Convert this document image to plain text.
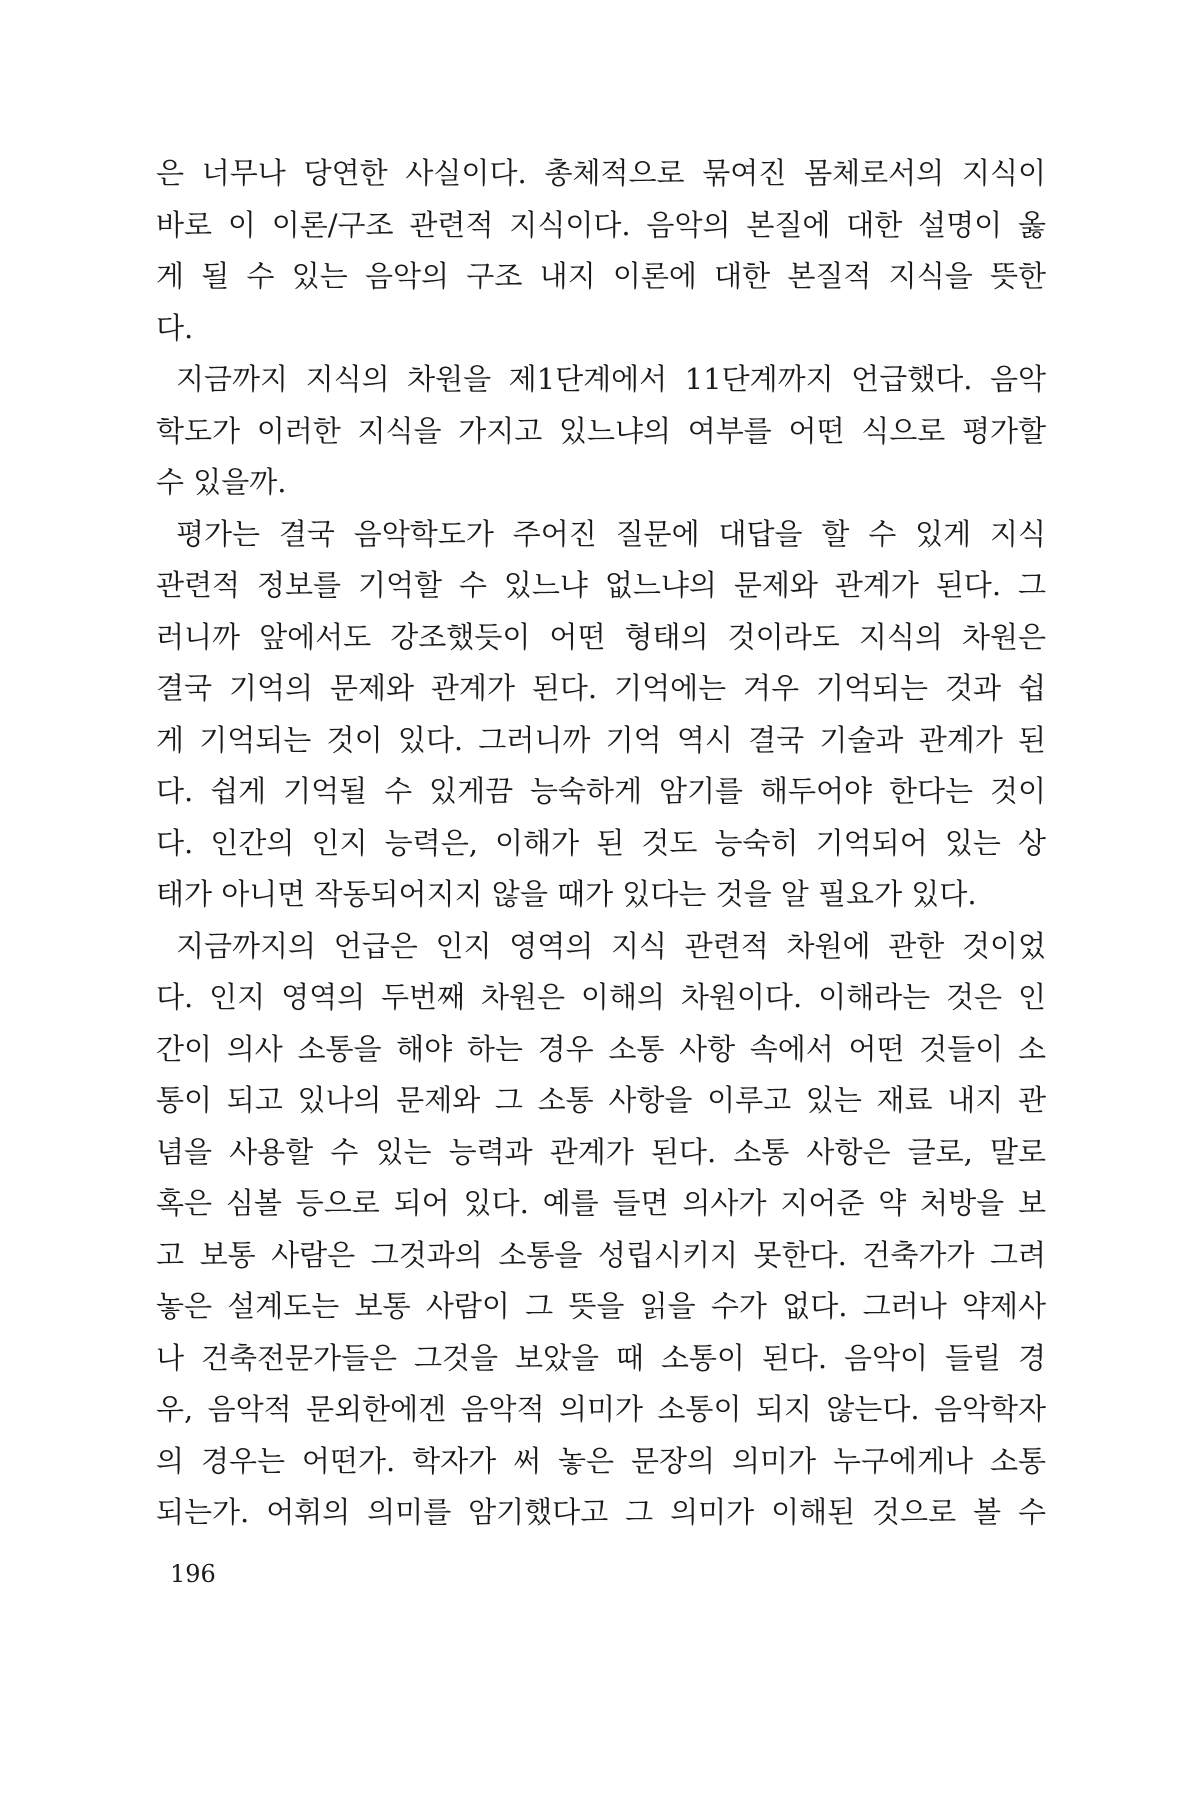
은 너무나 당연한 사실이다. 총체적으로 묶여진 몸체로서의 지식이
바로 이 이론/구조 관련적 지식이다. 음악의 본질에 대한 설명이 옳
게 될 수 있는 음악의 구조 내지 이론에 대한 본질적 지식을 뜻한
다.
지금까지 지식의 차원을 제1단계에서 11단계까지 언급했다. 음악
학도가 이러한 지식을 가지고 있느냐의 여부를 어떤 식으로 평가할
수 있을까.
평가는 결국 음악학도가 주어진 질문에 대답을 할 수 있게 지식
관련적 정보를 기억할 수 있느냐 없느냐의 문제와 관계가 된다. 그
러니까 앞에서도 강조했듯이 어떤 형태의 것이라도 지식의 차원은
결국 기억의 문제와 관계가 된다. 기억에는 겨우 기억되는 것과 쉽
게 기억되는 것이 있다. 그러니까 기억 역시 결국 기술과 관계가 된
다. 쉽게 기억될 수 있게끔 능숙하게 암기를 해두어야 한다는 것이
다. 인간의 인지 능력은, 이해가 된 것도 능숙히 기억되어 있는 상
태가 아니면 작동되어지지 않을 때가 있다는 것을 알 필요가 있다.
지금까지의 언급은 인지 영역의 지식 관련적 차원에 관한 것이었
다. 인지 영역의 두번째 차원은 이해의 차원이다. 이해라는 것은 인
간이 의사 소통을 해야 하는 경우 소통 사항 속에서 어떤 것들이 소
통이 되고 있나의 문제와 그 소통 사항을 이루고 있는 재료 내지 관
념을 사용할 수 있는 능력과 관계가 된다. 소통 사항은 글로, 말로
혹은 심볼 등으로 되어 있다. 예를 들면 의사가 지어준 약 처방을 보
고 보통 사람은 그것과의 소통을 성립시키지 못한다. 건축가가 그려
놓은 설계도는 보통 사람이 그 뜻을 읽을 수가 없다. 그러나 약제사
나 건축전문가들은 그것을 보았을 때 소통이 된다. 음악이 들릴 경
우, 음악적 문외한에겐 음악적 의미가 소통이 되지 않는다. 음악학자
의 경우는 어떤가. 학자가 써 놓은 문장의 의미가 누구에게나 소통
되는가. 어휘의 의미를 암기했다고 그 의미가 이해된 것으로 볼 수
196
